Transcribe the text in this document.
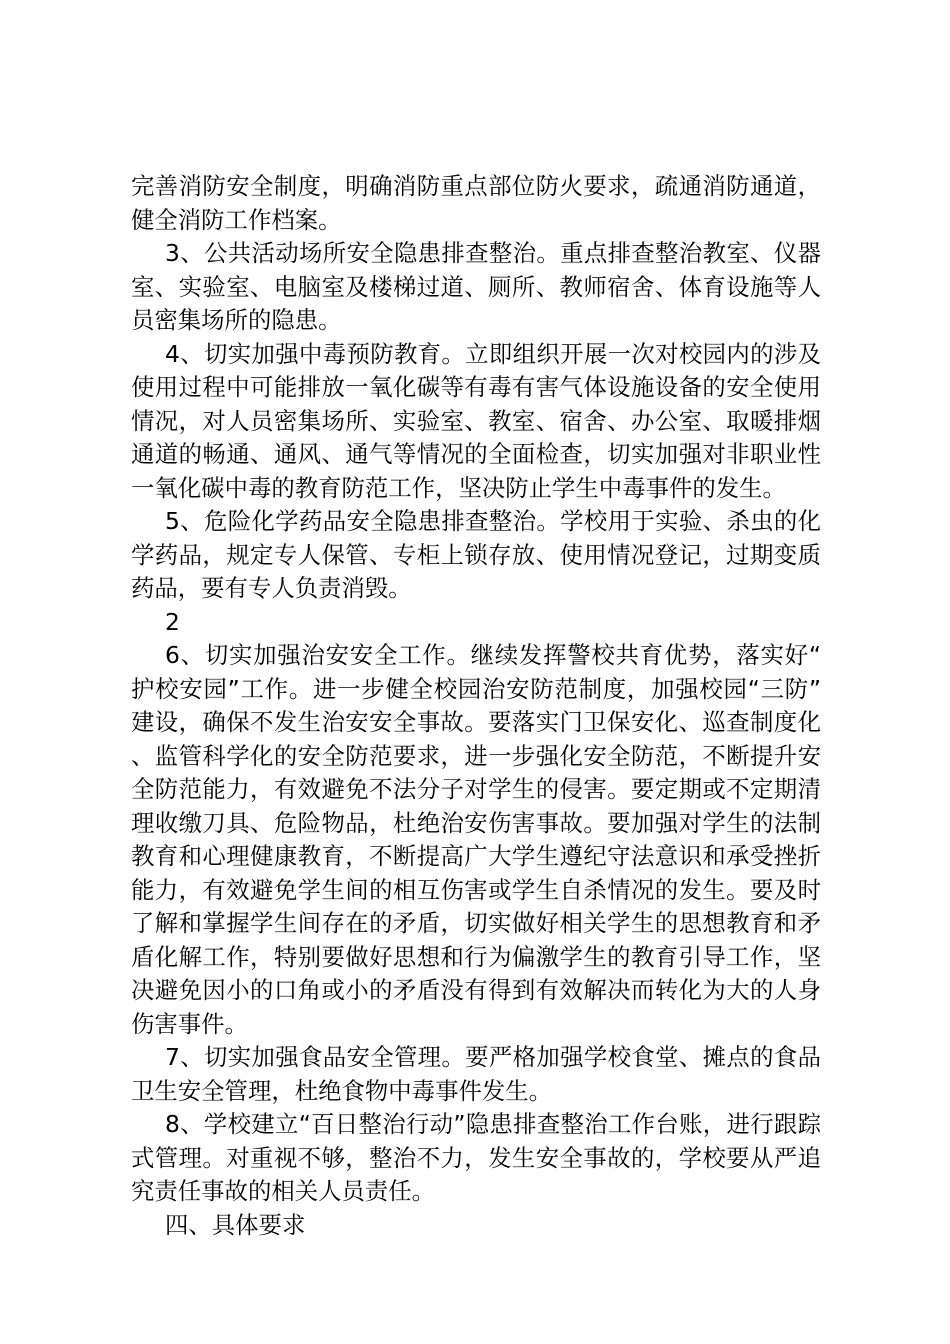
完善消防安全制度，明确消防重点部位防火要求，疏通消防通道，健全消防工作档案。

3、公共活动场所安全隐患排查整治。重点排查整治教室、仪器室、实验室、电脑室及楼梯过道、厕所、教师宿舍、体育设施等人员密集场所的隐患。

4、切实加强中毒预防教育。立即组织开展一次对校园内的涉及使用过程中可能排放一氧化碳等有毒有害气体设施设备的安全使用情况，对人员密集场所、实验室、教室、宿舍、办公室、取暖排烟通道的畅通、通风、通气等情况的全面检查，切实加强对非职业性一氧化碳中毒的教育防范工作，坚决防止学生中毒事件的发生。

5、危险化学药品安全隐患排查整治。学校用于实验、杀虫的化学药品，规定专人保管、专柜上锁存放、使用情况登记，过期变质药品，要有专人负责消毁。

2

6、切实加强治安安全工作。继续发挥警校共育优势，落实好“护校安园”工作。进一步健全校园治安防范制度，加强校园“三防”建设，确保不发生治安安全事故。要落实门卫保安化、巡查制度化、监管科学化的安全防范要求，进一步强化安全防范，不断提升安全防范能力，有效避免不法分子对学生的侵害。要定期或不定期清理收缴刀具、危险物品，杜绝治安伤害事故。要加强对学生的法制教育和心理健康教育，不断提高广大学生遵纪守法意识和承受挫折能力，有效避免学生间的相互伤害或学生自杀情况的发生。要及时了解和掌握学生间存在的矛盾，切实做好相关学生的思想教育和矛盾化解工作，特别要做好思想和行为偏激学生的教育引导工作，坚决避免因小的口角或小的矛盾没有得到有效解决而转化为大的人身伤害事件。

7、切实加强食品安全管理。要严格加强学校食堂、摊点的食品卫生安全管理，杜绝食物中毒事件发生。

8、学校建立“百日整治行动”隐患排查整治工作台账，进行跟踪式管理。对重视不够，整治不力，发生安全事故的，学校要从严追究责任事故的相关人员责任。

四、具体要求
